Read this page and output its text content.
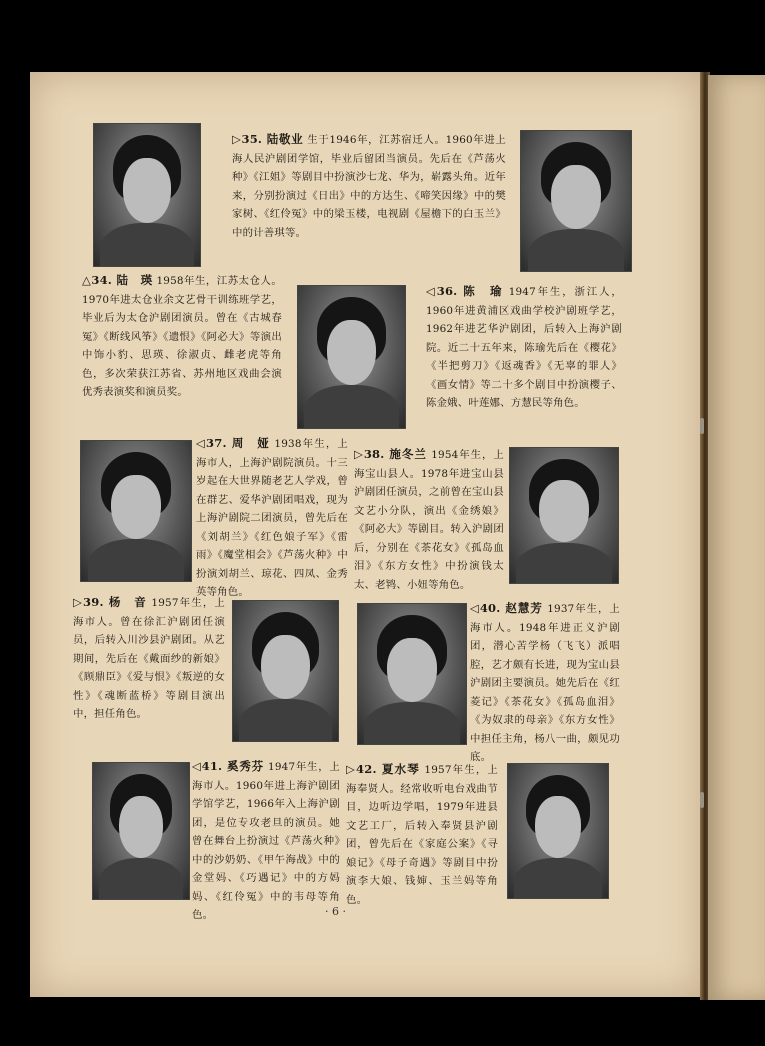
▷35. 陆敬业 生于1946年，江苏宿迁人。1960年进上海人民沪剧团学馆，毕业后留团当演员。先后在《芦荡火种》《江姐》等剧目中扮演沙七龙、华为，崭露头角。近年来，分别扮演过《日出》中的方达生、《啼笑因缘》中的樊家树、《红伶冤》中的梁玉楼，电视剧《屋檐下的白玉兰》中的计善琪等。
△34. 陆　瑛 1958年生，江苏太仓人。1970年进太仓业余文艺骨干训练班学艺，毕业后为太仓沪剧团演员。曾在《古城春冤》《断线风筝》《遗恨》《阿必大》等演出中饰小豹、思瑛、徐淑贞、雌老虎等角色，多次荣获江苏省、苏州地区戏曲会演优秀表演奖和演员奖。
◁36. 陈　瑜 1947年生，浙江人，1960年进黄浦区戏曲学校沪剧班学艺，1962年进艺华沪剧团，后转入上海沪剧院。近二十五年来，陈瑜先后在《樱花》《半把剪刀》《返魂香》《无辜的罪人》《画女情》等二十多个剧目中扮演樱子、陈金娥、叶莲娜、方慧民等角色。
◁37. 周　娅 1938年生，上海市人，上海沪剧院演员。十三岁起在大世界随老艺人学戏，曾在群艺、爱华沪剧团唱戏，现为上海沪剧院二团演员，曾先后在《刘胡兰》《红色娘子军》《雷雨》《魔堂相会》《芦荡火种》中扮演刘胡兰、琼花、四凤、金秀英等角色。
▷38. 施冬兰 1954年生，上海宝山县人。1978年进宝山县沪剧团任演员，之前曾在宝山县文艺小分队，演出《金绣娘》《阿必大》等剧目。转入沪剧团后，分别在《茶花女》《孤岛血泪》《东方女性》中扮演钱太太、老鸨、小妞等角色。
▷39. 杨　音 1957年生，上海市人。曾在徐汇沪剧团任演员，后转入川沙县沪剧团。从艺期间，先后在《戴面纱的新娘》《顾鼎臣》《爱与恨》《叛逆的女性》《魂断蓝桥》等剧目演出中，担任角色。
◁40. 赵慧芳 1937年生，上海市人。1948年进正义沪剧团，潜心苦学杨（飞飞）派唱腔，艺才颇有长进，现为宝山县沪剧团主要演员。她先后在《红菱记》《茶花女》《孤岛血泪》《为奴隶的母亲》《东方女性》中担任主角，杨八一曲，颇见功底。
◁41. 奚秀芬 1947年生，上海市人。1960年进上海沪剧团学馆学艺，1966年入上海沪剧团，是位专攻老旦的演员。她曾在舞台上扮演过《芦荡火种》中的沙奶奶、《甲午海战》中的金堂妈、《巧遇记》中的方妈妈、《红伶冤》中的韦母等角色。
▷42. 夏水琴 1957年生，上海奉贤人。经常收听电台戏曲节目，边听边学唱，1979年进县文艺工厂，后转入奉贤县沪剧团，曾先后在《家庭公案》《寻娘记》《母子奇遇》等剧目中扮演李大娘、钱婶、玉兰妈等角色。
· 6 ·
